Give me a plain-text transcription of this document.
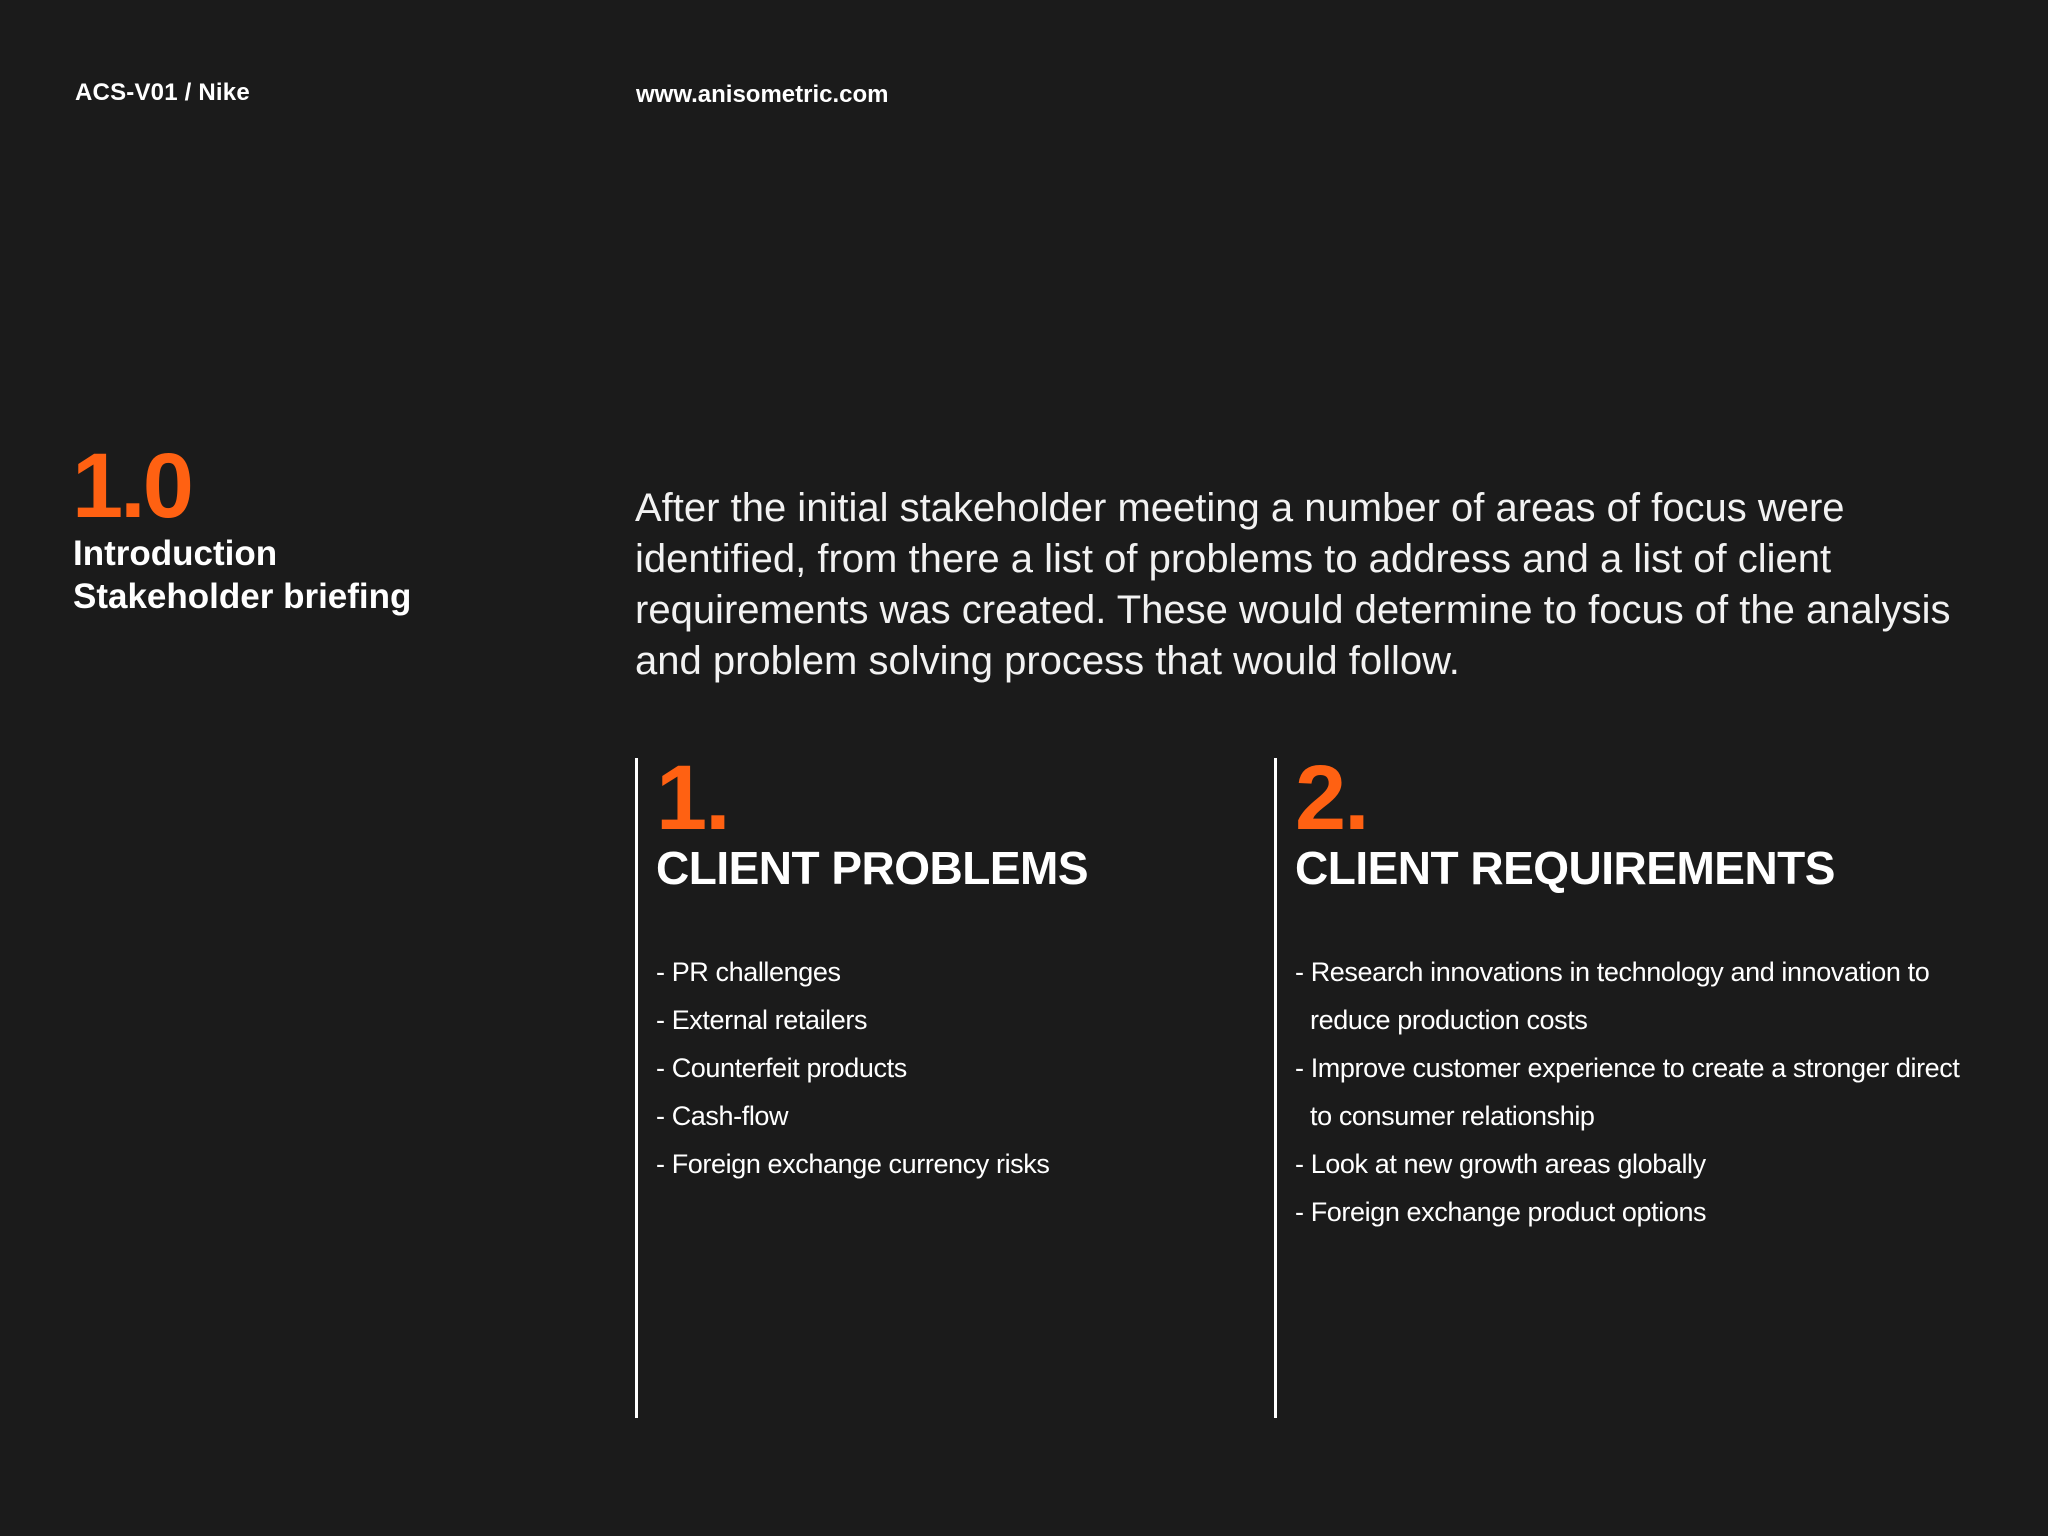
ACS-V01 / Nike	www.anisometric.com
1.0
Introduction
Stakeholder briefing
After the initial stakeholder meeting a number of areas of focus were identified, from there a list of problems to address and a list of client requirements was created. These would determine to focus of the analysis and problem solving process that would follow.
1.
CLIENT PROBLEMS
- PR challenges
- External retailers
- Counterfeit products
- Cash-flow
- Foreign exchange currency risks
2.
CLIENT REQUIREMENTS
- Research innovations in technology and innovation to reduce production costs
- Improve customer experience to create a stronger direct to consumer relationship
- Look at new growth areas globally
- Foreign exchange product options
